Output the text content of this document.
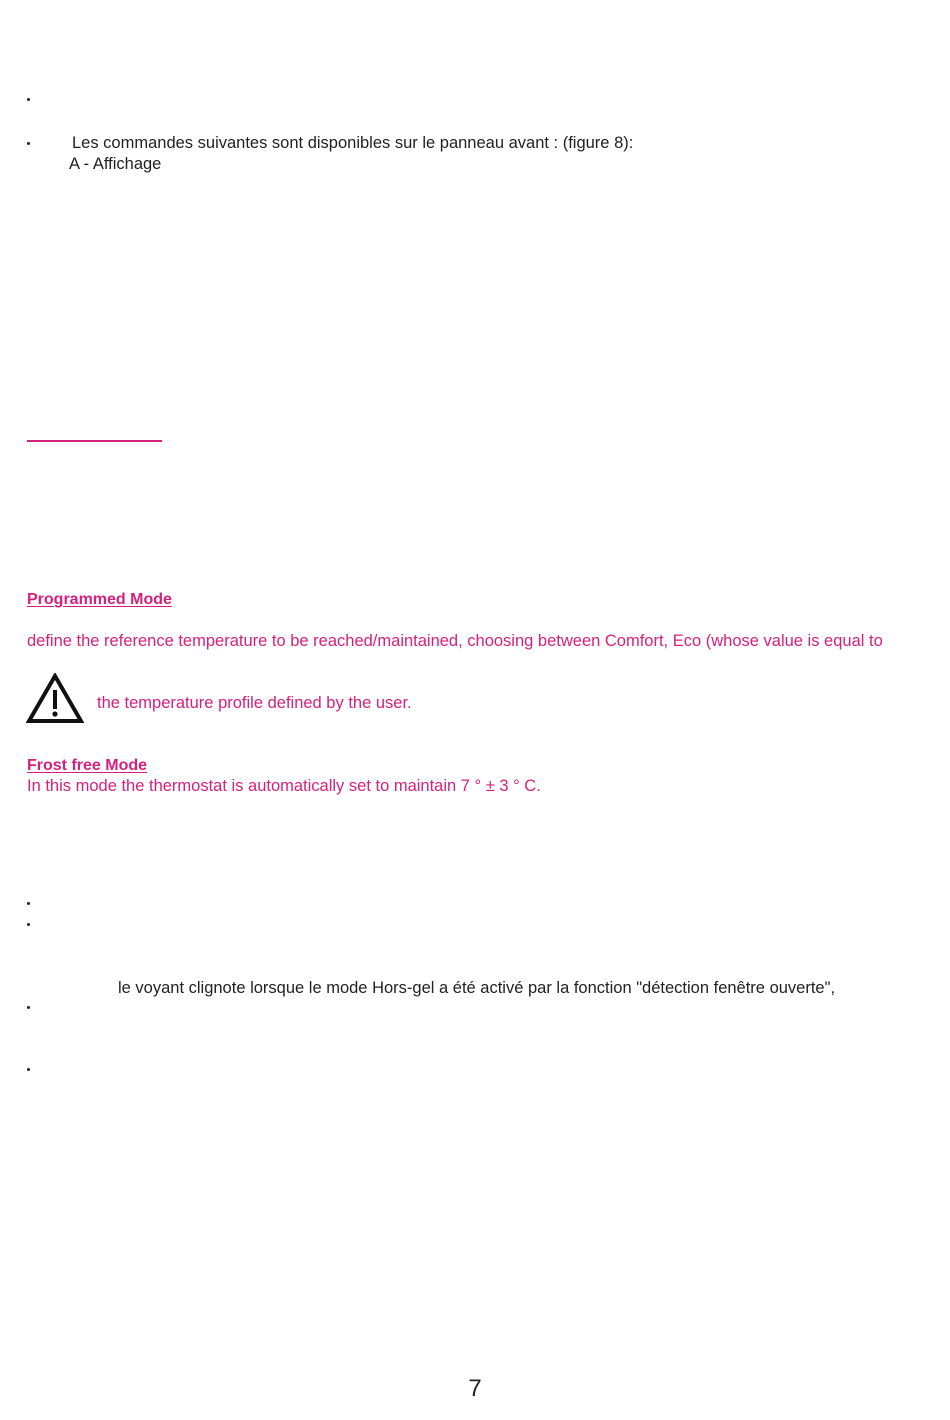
Les commandes suivantes sont disponibles sur le panneau avant : (figure 8):
A - Affichage
Programmed Mode
define the reference temperature to be reached/maintained, choosing between Comfort, Eco (whose value is equal to
the temperature profile defined by the user.
Frost free Mode
In this mode the thermostat is automatically set to maintain 7 ° ± 3 ° C.
le voyant clignote lorsque le mode Hors-gel a été activé par la fonction "détection fenêtre ouverte",
7
